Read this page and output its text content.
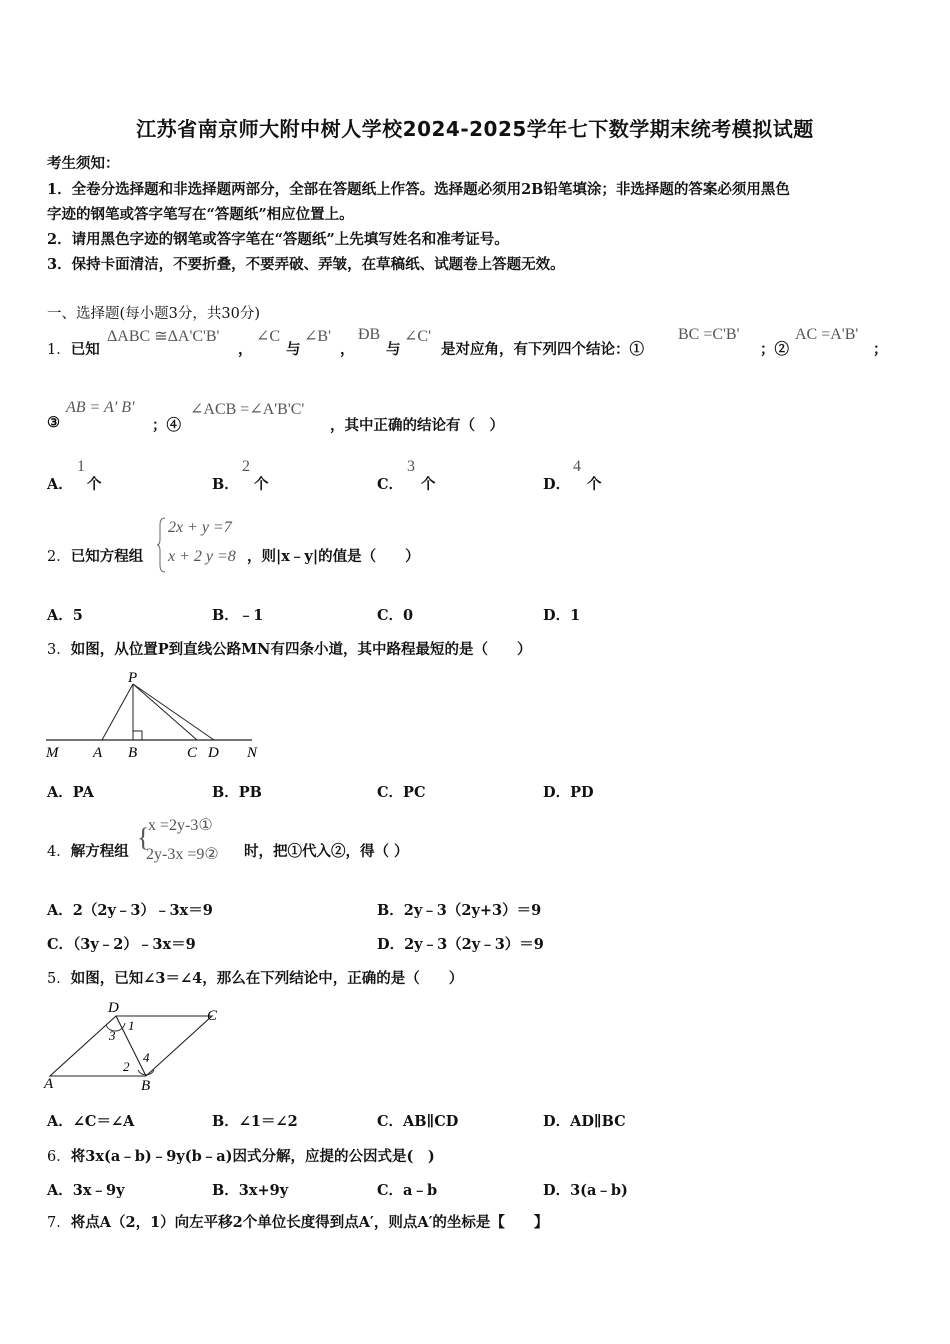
江苏省南京师大附中树人学校2024-2025学年七下数学期末统考模拟试题
考生须知：
1．全卷分选择题和非选择题两部分，全部在答题纸上作答。选择题必须用2B铅笔填涂；非选择题的答案必须用黑色
字迹的钢笔或答字笔写在“答题纸”相应位置上。
2．请用黑色字迹的钢笔或答字笔在“答题纸”上先填写姓名和准考证号。
3．保持卡面清洁，不要折叠，不要弄破、弄皱，在草稿纸、试题卷上答题无效。
一、选择题(每小题3分，共30分)
1．已知
ΔABC ≅ΔA'C'B'
，
∠C
与
∠B'
，
ÐB
与
∠C'
是对应角，有下列四个结论：①
BC =C'B'
；②
AC =A'B'
；
③
AB = A' B'
；④
∠ACB =∠A'B'C'
，其中正确的结论有（　）
A．
1
个	B．
2
个	C．
3
个	D．
4
个
2．已知方程组
2x + y =7
x + 2 y =8 ，则|x﹣y|的值是（　　）
A．5	B．﹣1	C．0	D．1
3．如图，从位置P到直线公路MN有四条小道，其中路程最短的是（　　）
P
M A B	C D N
A．PA	B．PB	C．PC	D．PD
4．解方程组 {
x =2y-3①
2y-3x =9② 时，把①代入②，得（ ）
A．2（2y﹣3）﹣3x＝9	B．2y﹣3（2y+3）＝9
C．（3y﹣2）﹣3x＝9	D．2y﹣3（2y﹣3）＝9
5．如图，已知∠3＝∠4，那么在下列结论中，正确的是（　　）
D	C
A	B
1
3
2
4
A．∠C＝∠A	B．∠1＝∠2	C．AB∥CD	D．AD∥BC
6．将3x(a﹣b)﹣9y(b﹣a)因式分解，应提的公因式是(　)
A．3x﹣9y	B．3x+9y	C．a﹣b	D．3(a﹣b)
7．将点A（2，1）向左平移2个单位长度得到点A′，则点A′的坐标是【　　】
